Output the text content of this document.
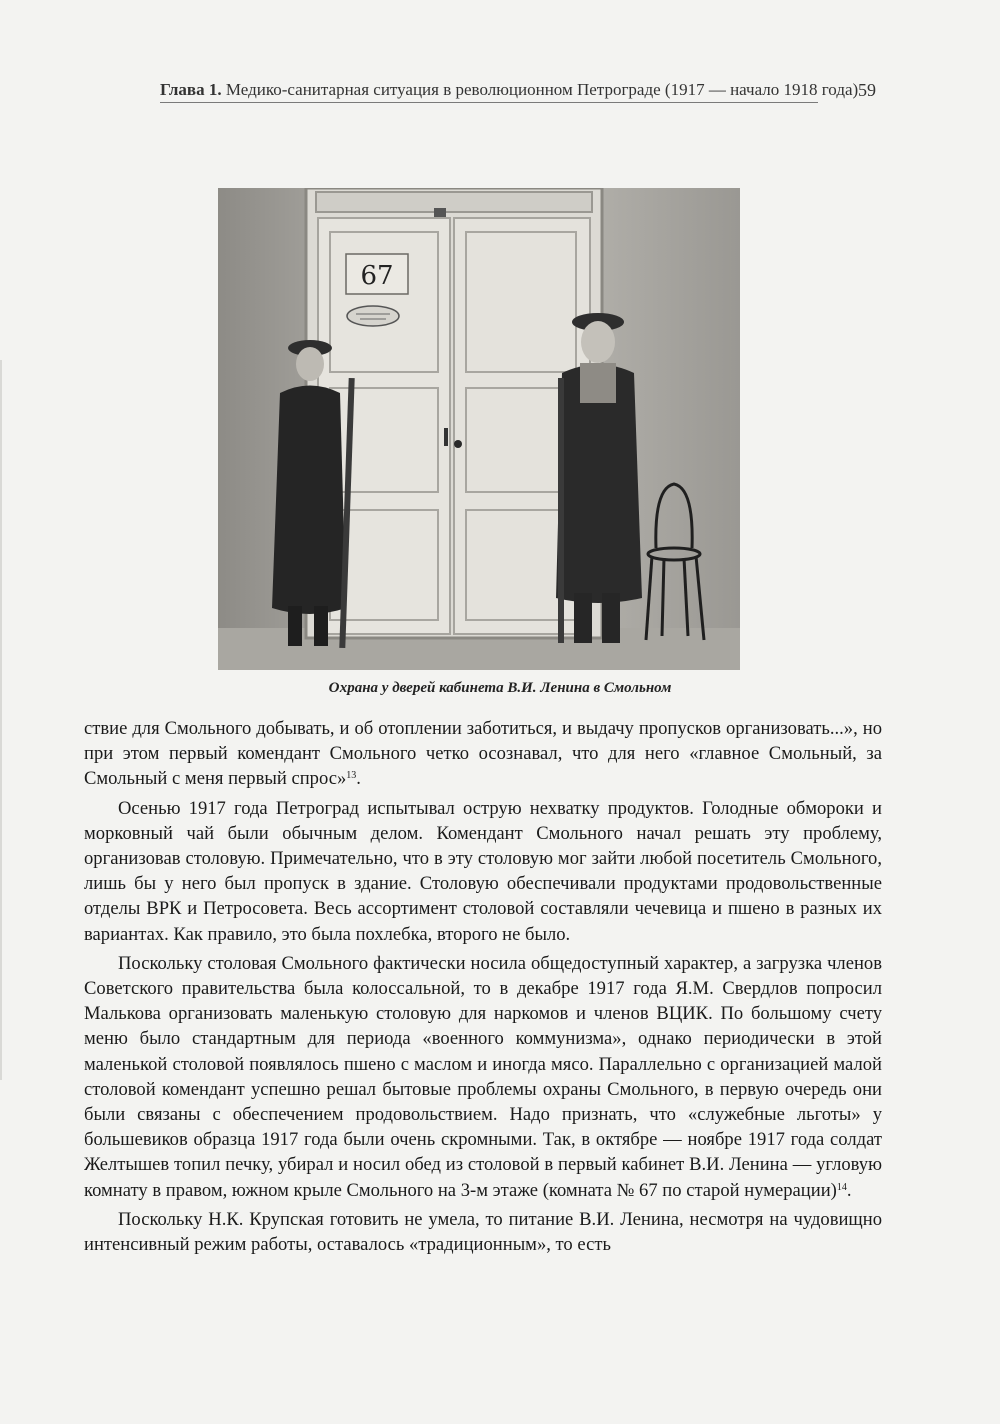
Глава 1. Медико-санитарная ситуация в революционном Петрограде (1917 — начало 1918 года) 59
67
Охрана у дверей кабинета В.И. Ленина в Смольном

ствие для Смольного добывать, и об отоплении заботиться, и выдачу пропусков организовать...», но при этом первый комендант Смольного четко осознавал, что для него «главное Смольный, за Смольный с меня первый спрос»$^{13}$.

Осенью 1917 года Петроград испытывал острую нехватку продуктов. Голодные обмороки и морковный чай были обычным делом. Комендант Смольного начал решать эту проблему, организовав столовую. Примечательно, что в эту столовую мог зайти любой посетитель Смольного, лишь бы у него был пропуск в здание. Столовую обеспечивали продуктами продовольственные отделы ВРК и Петросовета. Весь ассортимент столовой составляли чечевица и пшено в разных их вариантах. Как правило, это была похлебка, второго не было.

Поскольку столовая Смольного фактически носила общедоступный характер, а загрузка членов Советского правительства была колоссальной, то в декабре 1917 года Я.М. Свердлов попросил Малькова организовать маленькую столовую для наркомов и членов ВЦИК. По большому счету меню было стандартным для периода «военного коммунизма», однако периодически в этой маленькой столовой появлялось пшено с маслом и иногда мясо. Параллельно с организацией малой столовой комендант успешно решал бытовые проблемы охраны Смольного, в первую очередь они были связаны с обеспечением продовольствием. Надо признать, что «служебные льготы» у большевиков образца 1917 года были очень скромными. Так, в октябре — ноябре 1917 года солдат Желтышев топил печку, убирал и носил обед из столовой в первый кабинет В.И. Ленина — угловую комнату в правом, южном крыле Смольного на 3-м этаже (комната № 67 по старой нумерации)$^{14}$.

Поскольку Н.К. Крупская готовить не умела, то питание В.И. Ленина, несмотря на чудовищно интенсивный режим работы, оставалось «традиционным», то есть
